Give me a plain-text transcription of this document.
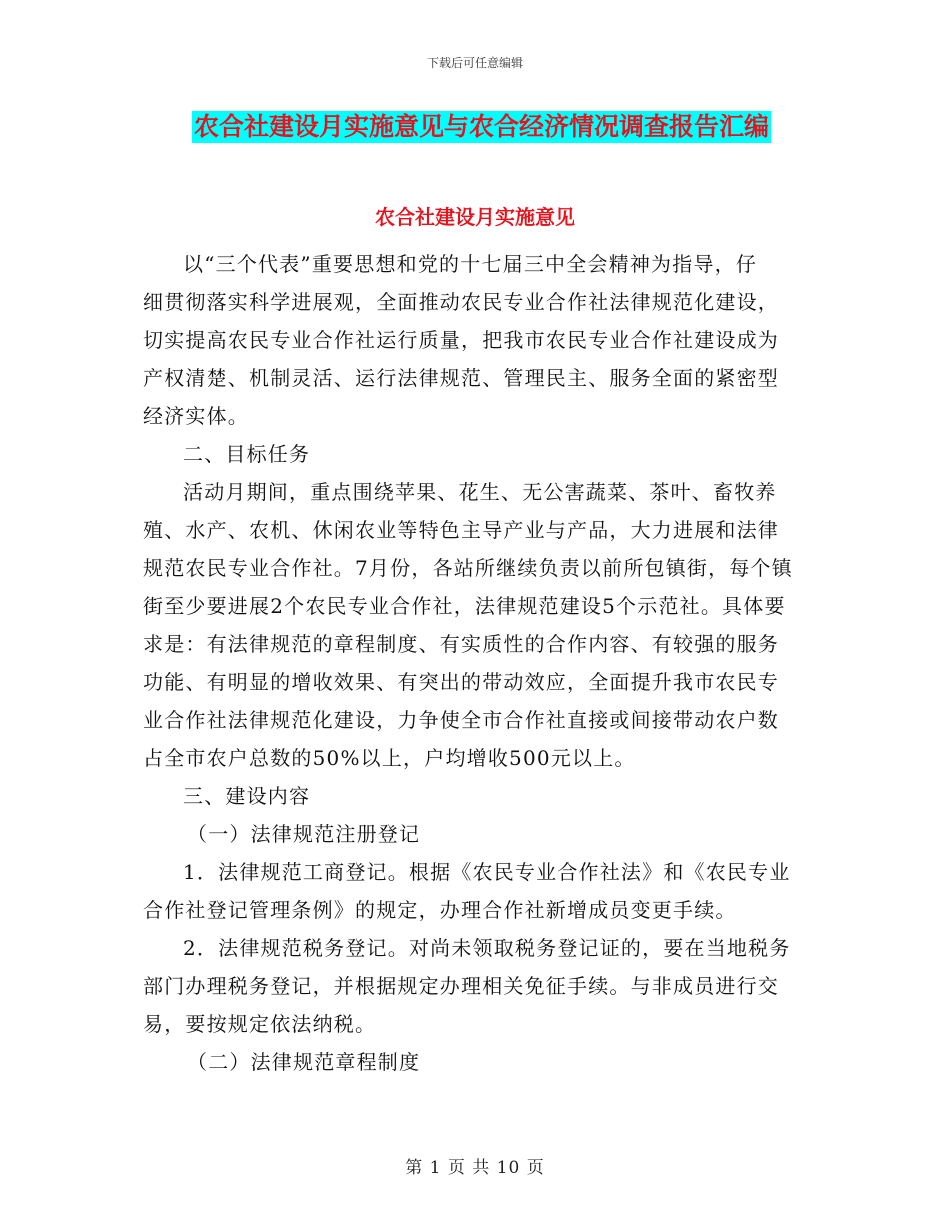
下载后可任意编辑
农合社建设月实施意见与农合经济情况调查报告汇编
农合社建设月实施意见

以“三个代表”重要思想和党的十七届三中全会精神为指导，仔
细贯彻落实科学进展观，全面推动农民专业合作社法律规范化建设，
切实提高农民专业合作社运行质量，把我市农民专业合作社建设成为
产权清楚、机制灵活、运行法律规范、管理民主、服务全面的紧密型
经济实体。

二、目标任务

活动月期间，重点围绕苹果、花生、无公害蔬菜、茶叶、畜牧养
殖、水产、农机、休闲农业等特色主导产业与产品，大力进展和法律
规范农民专业合作社。7月份，各站所继续负责以前所包镇街，每个镇
街至少要进展2个农民专业合作社，法律规范建设5个示范社。具体要
求是：有法律规范的章程制度、有实质性的合作内容、有较强的服务
功能、有明显的增收效果、有突出的带动效应，全面提升我市农民专
业合作社法律规范化建设，力争使全市合作社直接或间接带动农户数
占全市农户总数的50%以上，户均增收500元以上。

三、建设内容

（一）法律规范注册登记

1．法律规范工商登记。根据《农民专业合作社法》和《农民专业
合作社登记管理条例》的规定，办理合作社新增成员变更手续。

2．法律规范税务登记。对尚未领取税务登记证的，要在当地税务
部门办理税务登记，并根据规定办理相关免征手续。与非成员进行交
易，要按规定依法纳税。

（二）法律规范章程制度

第 1 页 共 10 页
